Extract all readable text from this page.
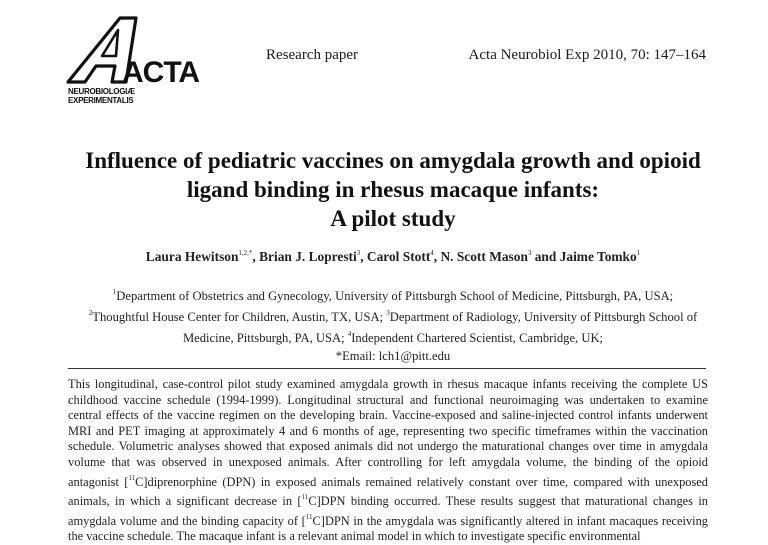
ACTA
NEUROBIOLOGIÆ
EXPERIMENTALIS
Research paper	Acta Neurobiol Exp 2010, 70: 147–164
Influence of pediatric vaccines on amygdala growth and opioid
ligand binding in rhesus macaque infants:
A pilot study
Laura Hewitson$^{1,2,*}$, Brian J. Lopresti$^3$, Carol Stott$^4$, N. Scott Mason$^3$ and Jaime Tomko$^1$
$^1$Department of Obstetrics and Gynecology, University of Pittsburgh School of Medicine, Pittsburgh, PA, USA;
$^2$Thoughtful House Center for Children, Austin, TX, USA; $^3$Department of Radiology, University of Pittsburgh School of
Medicine, Pittsburgh, PA, USA; $^4$Independent Chartered Scientist, Cambridge, UK;
*Email: lch1@pitt.edu
This longitudinal, case-control pilot study examined amygdala growth in rhesus macaque infants receiving the complete US childhood vaccine schedule (1994-1999). Longitudinal structural and functional neuroimaging was undertaken to examine central effects of the vaccine regimen on the developing brain. Vaccine-exposed and saline-injected control infants underwent MRI and PET imaging at approximately 4 and 6 months of age, representing two specific timeframes within the vaccination schedule. Volumetric analyses showed that exposed animals did not undergo the maturational changes over time in amygdala volume that was observed in unexposed animals. After controlling for left amygdala volume, the binding of the opioid antagonist [$^{11}$C]diprenorphine (DPN) in exposed animals remained relatively constant over time, compared with unexposed animals, in which a significant decrease in [$^{11}$C]DPN binding occurred. These results suggest that maturational changes in amygdala volume and the binding capacity of [$^{11}$C]DPN in the amygdala was significantly altered in infant macaques receiving the vaccine schedule. The macaque infant is a relevant animal model in which to investigate specific environmental
